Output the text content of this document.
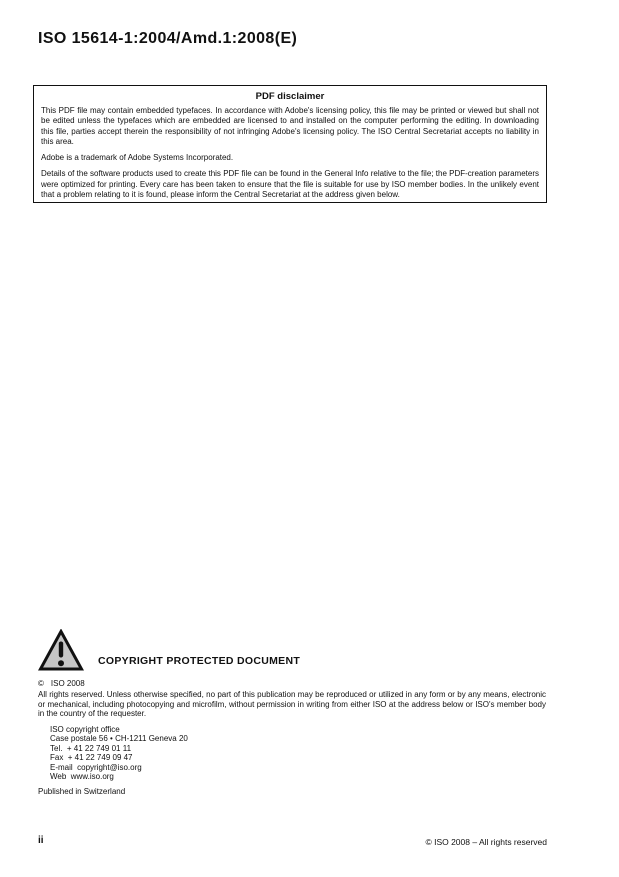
ISO 15614-1:2004/Amd.1:2008(E)
PDF disclaimer

This PDF file may contain embedded typefaces. In accordance with Adobe's licensing policy, this file may be printed or viewed but shall not be edited unless the typefaces which are embedded are licensed to and installed on the computer performing the editing. In downloading this file, parties accept therein the responsibility of not infringing Adobe's licensing policy. The ISO Central Secretariat accepts no liability in this area.

Adobe is a trademark of Adobe Systems Incorporated.

Details of the software products used to create this PDF file can be found in the General Info relative to the file; the PDF-creation parameters were optimized for printing. Every care has been taken to ensure that the file is suitable for use by ISO member bodies. In the unlikely event that a problem relating to it is found, please inform the Central Secretariat at the address given below.

COPYRIGHT PROTECTED DOCUMENT
© ISO 2008

All rights reserved. Unless otherwise specified, no part of this publication may be reproduced or utilized in any form or by any means, electronic or mechanical, including photocopying and microfilm, without permission in writing from either ISO at the address below or ISO's member body in the country of the requester.

ISO copyright office
Case postale 56 • CH-1211 Geneva 20
Tel.  + 41 22 749 01 11
Fax  + 41 22 749 09 47
E-mail  copyright@iso.org
Web  www.iso.org
Published in Switzerland
ii	© ISO 2008 – All rights reserved
